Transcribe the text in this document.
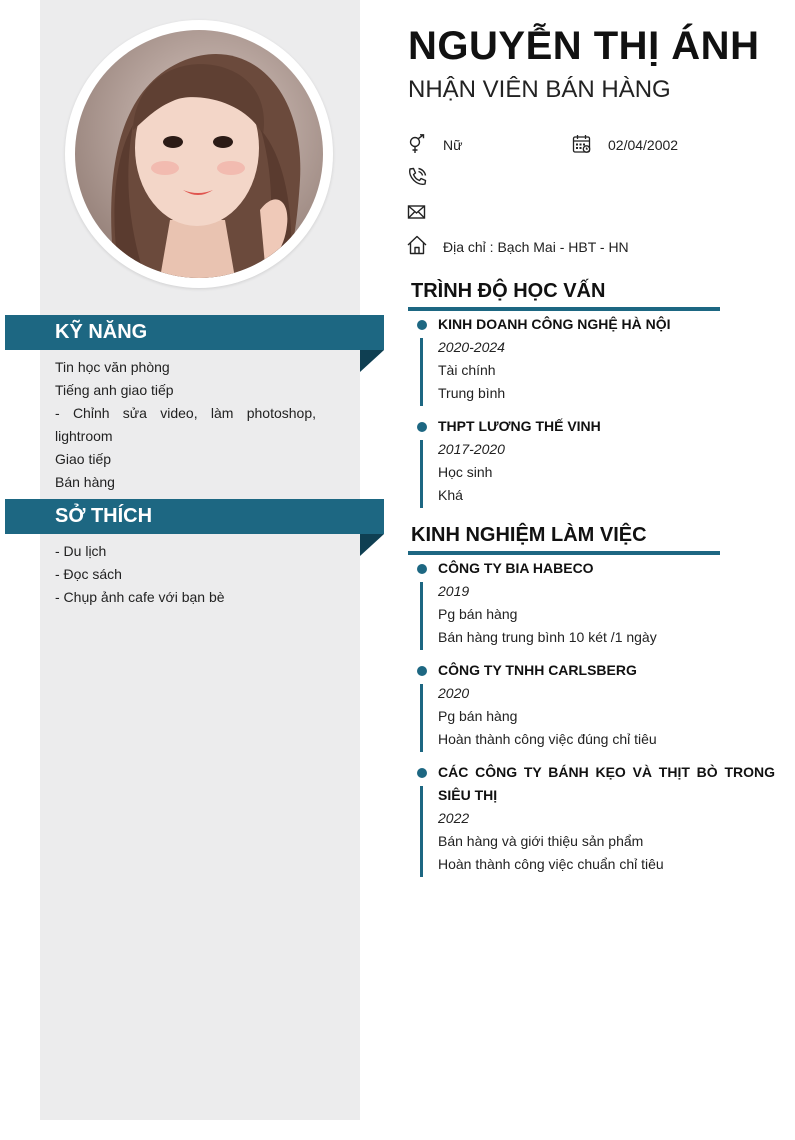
KỸ NĂNG
Tin học văn phòng
Tiếng anh giao tiếp
- Chỉnh sửa video, làm photoshop, lightroom
Giao tiếp
Bán hàng
SỞ THÍCH
- Du lịch
- Đọc sách
- Chụp ảnh cafe với bạn bè
NGUYỄN THỊ ÁNH
NHẬN VIÊN BÁN HÀNG
Nữ	02/04/2002
Địa chỉ : Bạch Mai - HBT - HN
TRÌNH ĐỘ HỌC VẤN
KINH DOANH CÔNG NGHỆ HÀ NỘI
2020-2024
Tài chính
Trung bình
THPT LƯƠNG THẾ VINH
2017-2020
Học sinh
Khá
KINH NGHIỆM LÀM VIỆC
CÔNG TY BIA HABECO
2019
Pg bán hàng
Bán hàng trung bình 10 két /1 ngày
CÔNG TY TNHH CARLSBERG
2020
Pg bán hàng
Hoàn thành công việc đúng chỉ tiêu
CÁC CÔNG TY BÁNH KẸO VÀ THỊT BÒ TRONG SIÊU THỊ
2022
Bán hàng và giới thiệu sản phẩm
Hoàn thành công việc chuẩn chỉ tiêu
